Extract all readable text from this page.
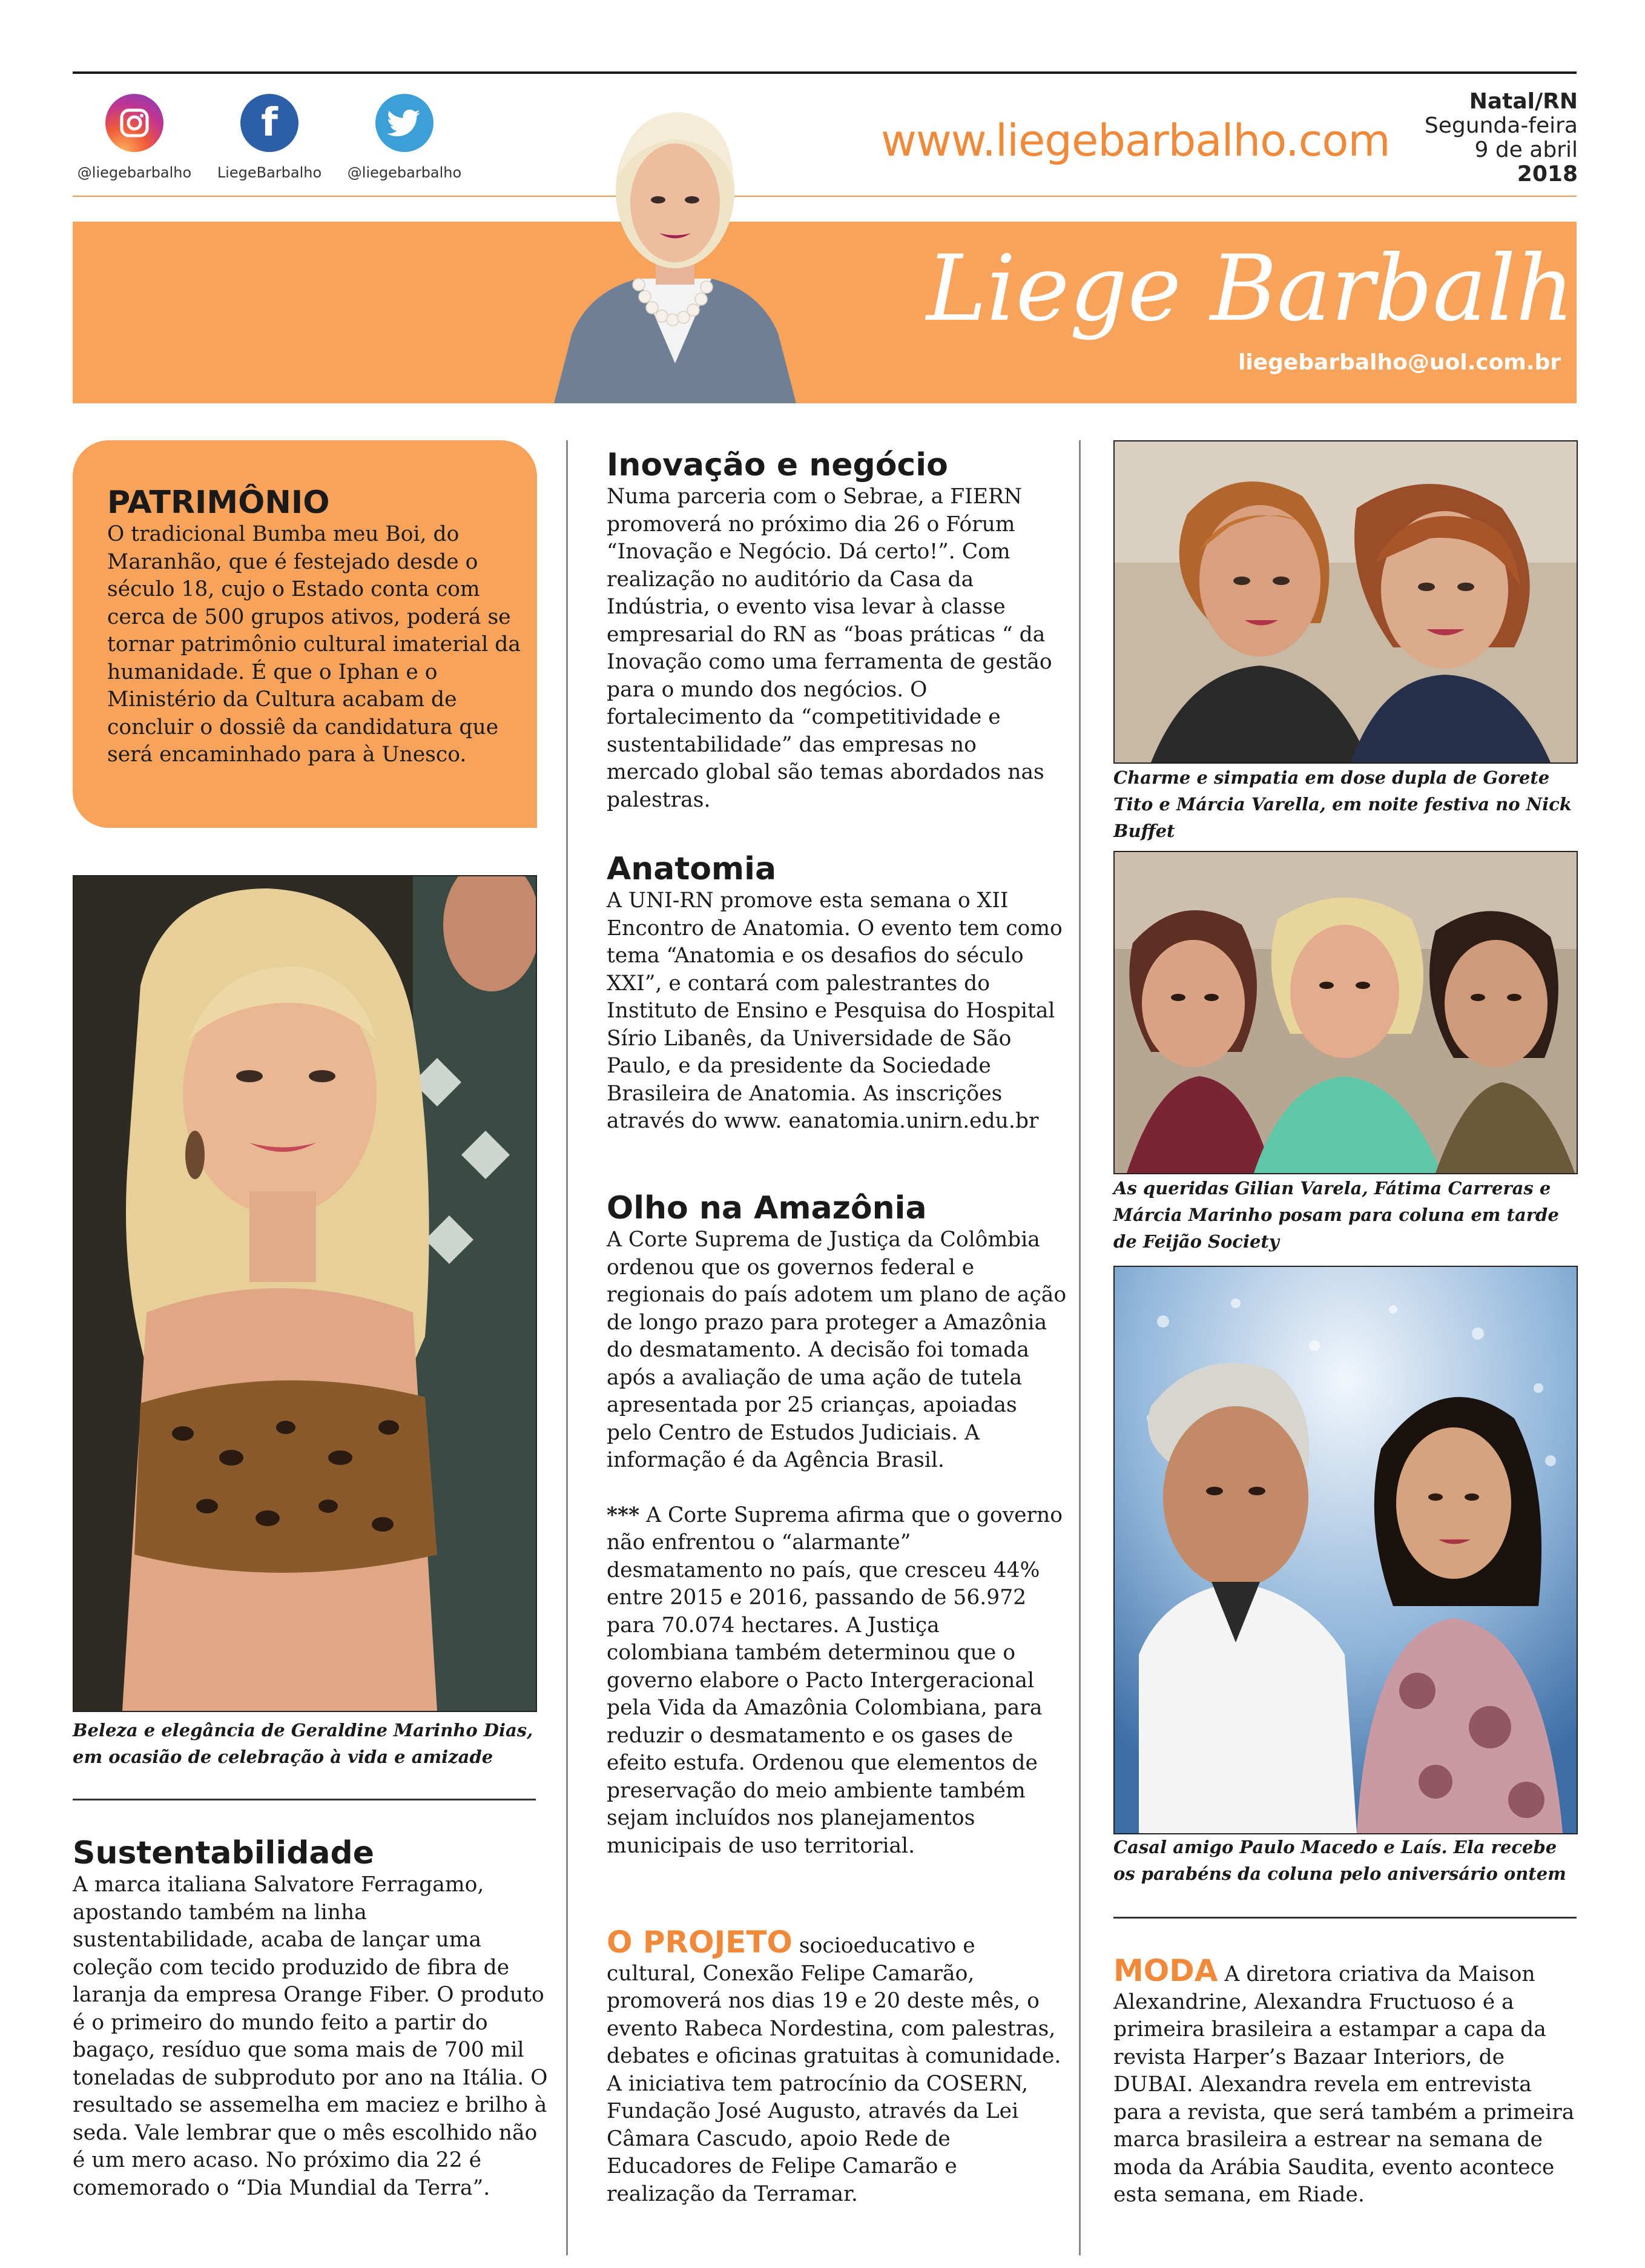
@liegebarbalho
f
LiegeBarbalho	@liegebarbalho
www.liegebarbalho.com
Natal/RN
Segunda-feira
9 de abril
2018
Liege Barbalho
liegebarbalho@uol.com.br
PATRIMÔNIO
O tradicional Bumba meu Boi, do Maranhão, que é festejado desde o século 18, cujo o Estado conta com cerca de 500 grupos ativos, poderá se tornar patrimônio cultural imaterial da humanidade. É que o Iphan e o Ministério da Cultura acabam de concluir o dossiê da candidatura que será encaminhado para à Unesco.
Beleza e elegância de Geraldine Marinho Dias, em ocasião de celebração à vida e amizade
Sustentabilidade
A marca italiana Salvatore Ferragamo, apostando também na linha sustentabilidade, acaba de lançar uma coleção com tecido produzido de fibra de laranja da empresa Orange Fiber. O produto é o primeiro do mundo feito a partir do bagaço, resíduo que soma mais de 700 mil toneladas de subproduto por ano na Itália. O resultado se assemelha em maciez e brilho à seda. Vale lembrar que o mês escolhido não é um mero acaso. No próximo dia 22 é comemorado o “Dia Mundial da Terra”.
Inovação e negócio
Numa parceria com o Sebrae, a FIERN promoverá no próximo dia 26 o Fórum “Inovação e Negócio. Dá certo!”. Com realização no auditório da Casa da Indústria, o evento visa levar à classe empresarial do RN as “boas práticas “ da Inovação como uma ferramenta de gestão para o mundo dos negócios. O fortalecimento da “competitividade e sustentabilidade” das empresas no mercado global são temas abordados nas palestras.
Anatomia
A UNI-RN promove esta semana o XII Encontro de Anatomia. O evento tem como tema “Anatomia e os desafios do século XXI”, e contará com palestrantes do Instituto de Ensino e Pesquisa do Hospital Sírio Libanês, da Universidade de São Paulo, e da presidente da Sociedade Brasileira de Anatomia. As inscrições através do www. eanatomia.unirn.edu.br
Olho na Amazônia
A Corte Suprema de Justiça da Colômbia ordenou que os governos federal e regionais do país adotem um plano de ação de longo prazo para proteger a Amazônia do desmatamento. A decisão foi tomada após a avaliação de uma ação de tutela apresentada por 25 crianças, apoiadas pelo Centro de Estudos Judiciais. A informação é da Agência Brasil.
*** A Corte Suprema afirma que o governo não enfrentou o “alarmante” desmatamento no país, que cresceu 44% entre 2015 e 2016, passando de 56.972 para 70.074 hectares. A Justiça colombiana também determinou que o governo elabore o Pacto Intergeracional pela Vida da Amazônia Colombiana, para reduzir o desmatamento e os gases de efeito estufa. Ordenou que elementos de preservação do meio ambiente também sejam incluídos nos planejamentos municipais de uso territorial.
O PROJETO socioeducativo e cultural, Conexão Felipe Camarão, promoverá nos dias 19 e 20 deste mês, o evento Rabeca Nordestina, com palestras, debates e oficinas gratuitas à comunidade. A iniciativa tem patrocínio da COSERN, Fundação José Augusto, através da Lei Câmara Cascudo, apoio Rede de Educadores de Felipe Camarão e realização da Terramar.
Charme e simpatia em dose dupla de Gorete Tito e Márcia Varella, em noite festiva no Nick Buffet
As queridas Gilian Varela, Fátima Carreras e Márcia Marinho posam para coluna em tarde de Feijão Society
Casal amigo Paulo Macedo e Laís. Ela recebe os parabéns da coluna pelo aniversário ontem
MODA A diretora criativa da Maison Alexandrine, Alexandra Fructuoso é a primeira brasileira a estampar a capa da revista Harper’s Bazaar Interiors, de DUBAI. Alexandra revela em entrevista para a revista, que será também a primeira marca brasileira a estrear na semana de moda da Arábia Saudita, evento acontece esta semana, em Riade.
